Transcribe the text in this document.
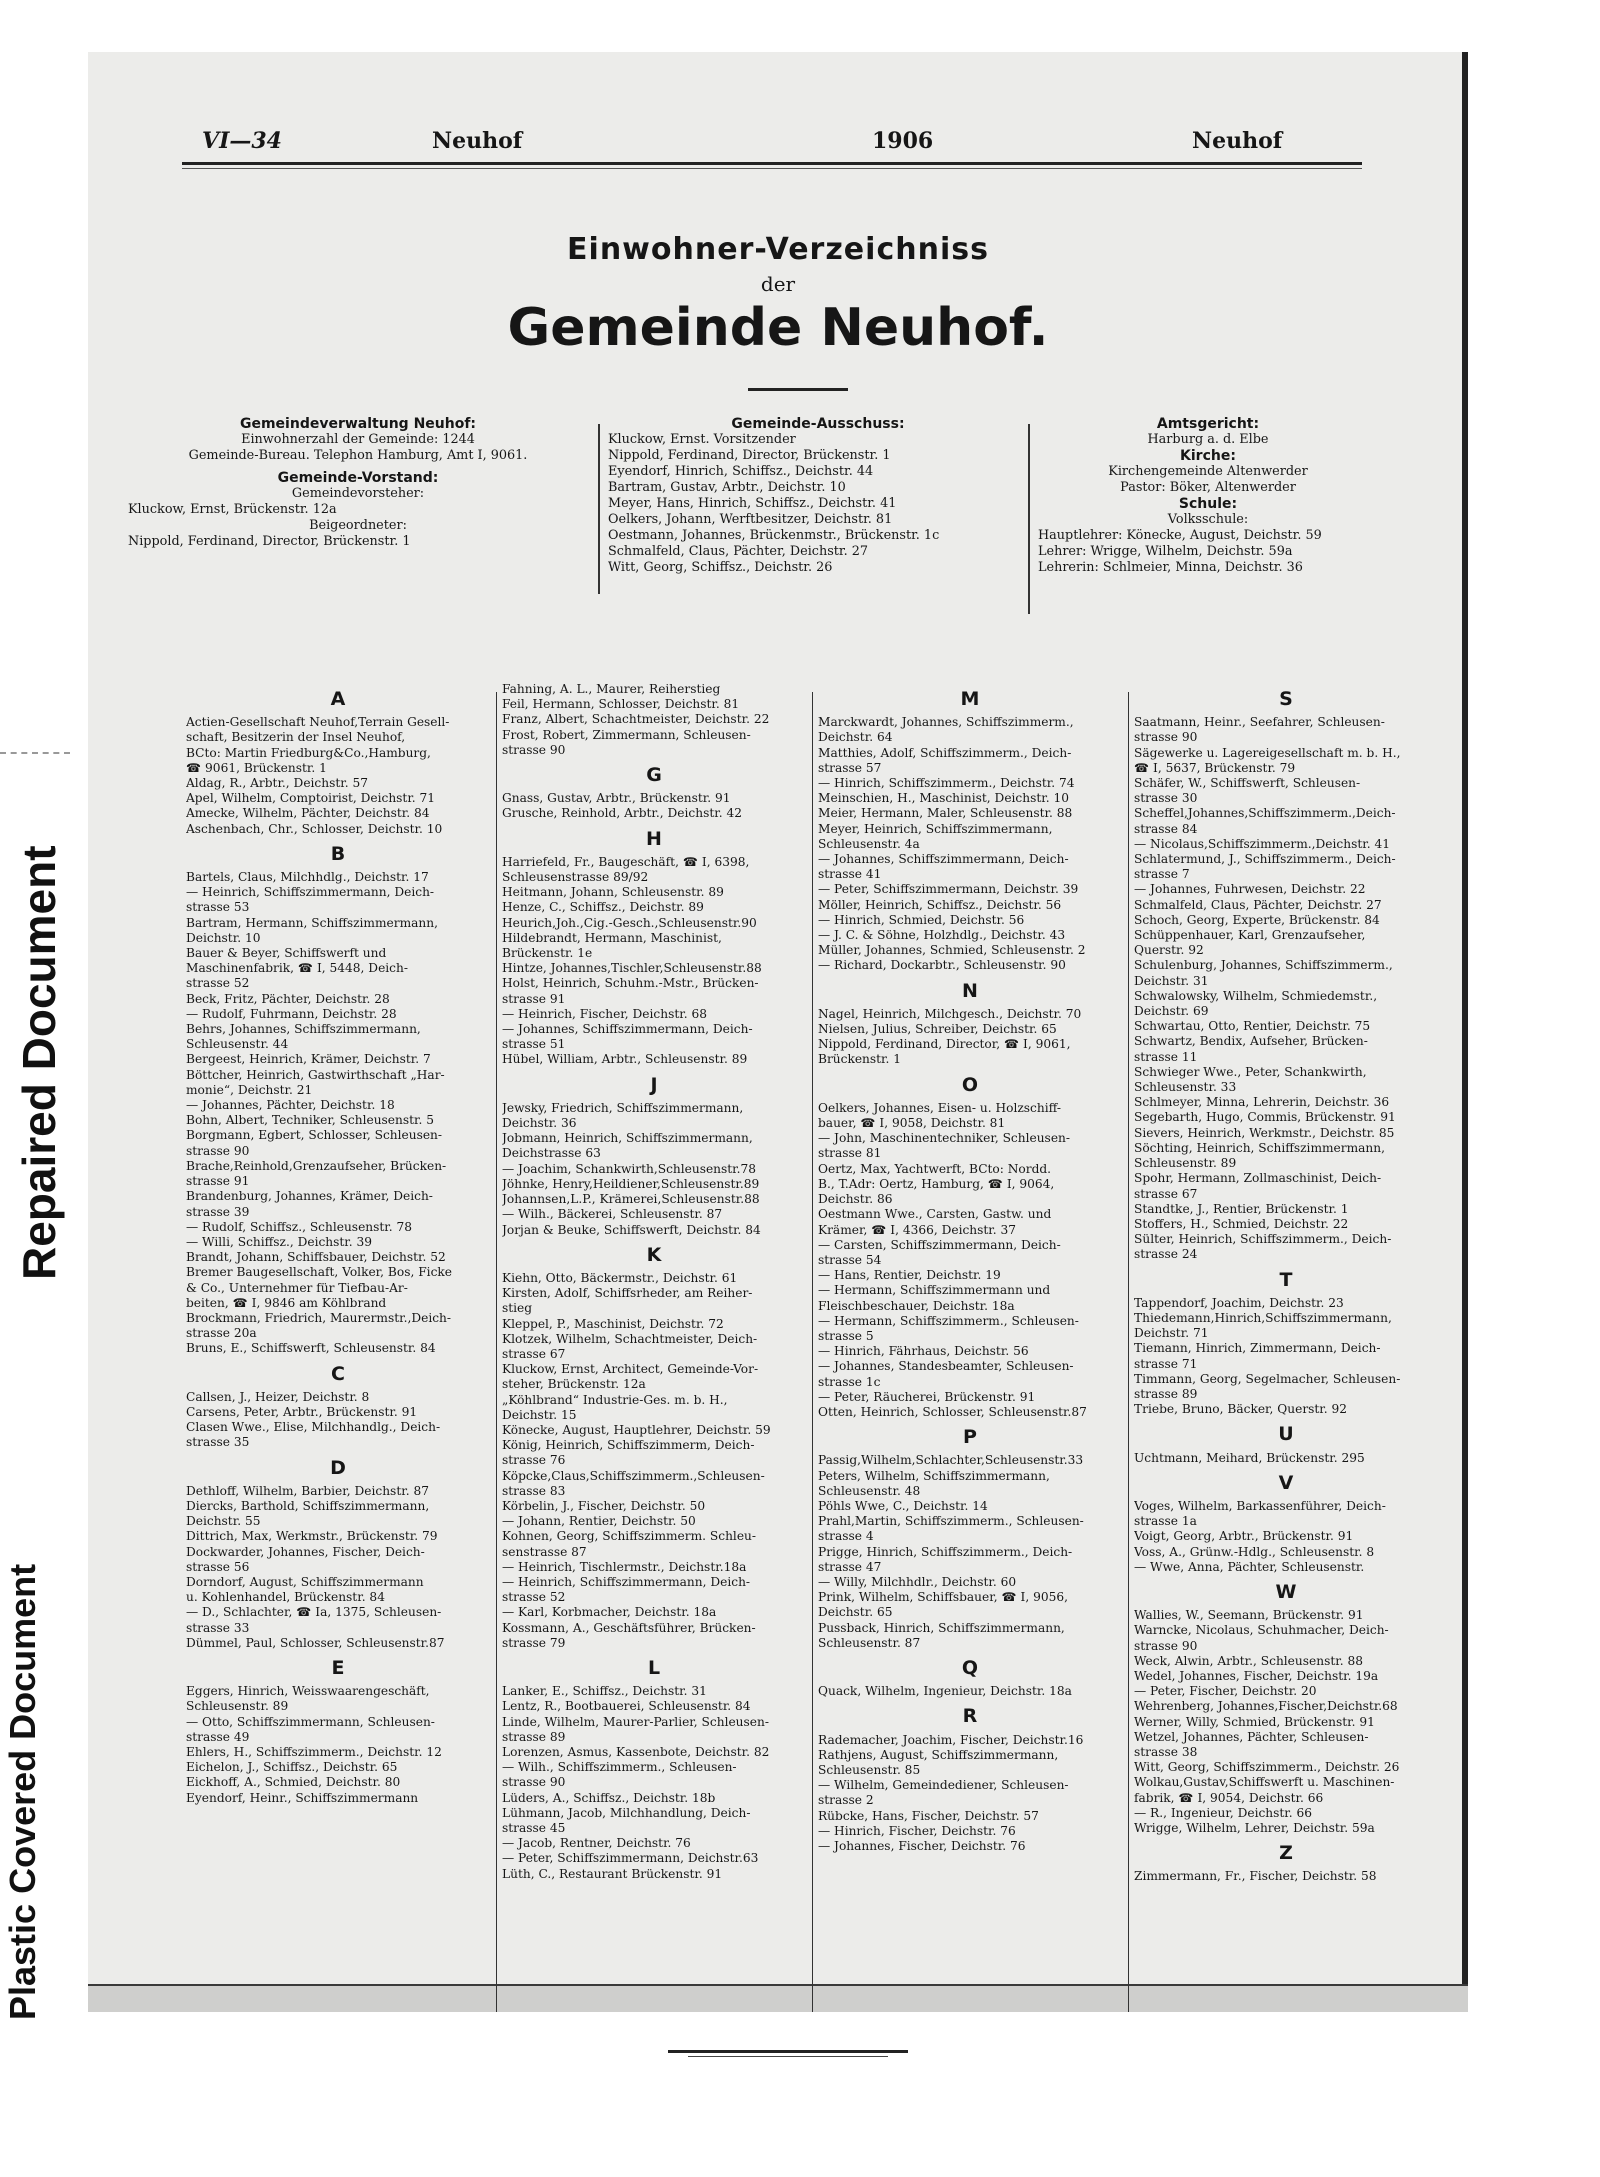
Repaired Document
Plastic Covered Document
VI—34	Neuhof	1906	Neuhof
Einwohner-Verzeichniss
der
Gemeinde Neuhof.
Gemeindeverwaltung Neuhof:
Einwohnerzahl der Gemeinde: 1244
Gemeinde-Bureau. Telephon Hamburg, Amt I, 9061.
Gemeinde-Vorstand:
Gemeindevorsteher:
Kluckow, Ernst, Brückenstr. 12a
Beigeordneter:
Nippold, Ferdinand, Director, Brückenstr. 1
Gemeinde-Ausschuss:
Kluckow, Ernst. Vorsitzender
Nippold, Ferdinand, Director, Brückenstr. 1
Eyendorf, Hinrich, Schiffsz., Deichstr. 44
Bartram, Gustav, Arbtr., Deichstr. 10
Meyer, Hans, Hinrich, Schiffsz., Deichstr. 41
Oelkers, Johann, Werftbesitzer, Deichstr. 81
Oestmann, Johannes, Brückenmstr., Brückenstr. 1c
Schmalfeld, Claus, Pächter, Deichstr. 27
Witt, Georg, Schiffsz., Deichstr. 26
Amtsgericht:
Harburg a. d. Elbe
Kirche:
Kirchengemeinde Altenwerder
Pastor: Böker, Altenwerder
Schule:
Volksschule:
Hauptlehrer: Könecke, August, Deichstr. 59
Lehrer: Wrigge, Wilhelm, Deichstr. 59a
Lehrerin: Schlmeier, Minna, Deichstr. 36
A
Actien-Gesellschaft Neuhof,Terrain Gesell-
schaft, Besitzerin der Insel Neuhof,
BCto: Martin Friedburg&Co.,Hamburg,
☎ 9061, Brückenstr. 1
Aldag, R., Arbtr., Deichstr. 57
Apel, Wilhelm, Comptoirist, Deichstr. 71
Amecke, Wilhelm, Pächter, Deichstr. 84
Aschenbach, Chr., Schlosser, Deichstr. 10
B
Bartels, Claus, Milchhdlg., Deichstr. 17
— Heinrich, Schiffszimmermann, Deich-
strasse 53
Bartram, Hermann, Schiffszimmermann,
Deichstr. 10
Bauer & Beyer, Schiffswerft und
Maschinenfabrik, ☎ I, 5448, Deich-
strasse 52
Beck, Fritz, Pächter, Deichstr. 28
— Rudolf, Fuhrmann, Deichstr. 28
Behrs, Johannes, Schiffszimmermann,
Schleusenstr. 44
Bergeest, Heinrich, Krämer, Deichstr. 7
Böttcher, Heinrich, Gastwirthschaft „Har-
monie“, Deichstr. 21
— Johannes, Pächter, Deichstr. 18
Bohn, Albert, Techniker, Schleusenstr. 5
Borgmann, Egbert, Schlosser, Schleusen-
strasse 90
Brache,Reinhold,Grenzaufseher, Brücken-
strasse 91
Brandenburg, Johannes, Krämer, Deich-
strasse 39
— Rudolf, Schiffsz., Schleusenstr. 78
— Willi, Schiffsz., Deichstr. 39
Brandt, Johann, Schiffsbauer, Deichstr. 52
Bremer Baugesellschaft, Volker, Bos, Ficke
& Co., Unternehmer für Tiefbau-Ar-
beiten, ☎ I, 9846 am Köhlbrand
Brockmann, Friedrich, Maurermstr.,Deich-
strasse 20a
Bruns, E., Schiffswerft, Schleusenstr. 84
C
Callsen, J., Heizer, Deichstr. 8
Carsens, Peter, Arbtr., Brückenstr. 91
Clasen Wwe., Elise, Milchhandlg., Deich-
strasse 35
D
Dethloff, Wilhelm, Barbier, Deichstr. 87
Diercks, Barthold, Schiffszimmermann,
Deichstr. 55
Dittrich, Max, Werkmstr., Brückenstr. 79
Dockwarder, Johannes, Fischer, Deich-
strasse 56
Dorndorf, August, Schiffszimmermann
u. Kohlenhandel, Brückenstr. 84
— D., Schlachter, ☎ Ia, 1375, Schleusen-
strasse 33
Dümmel, Paul, Schlosser, Schleusenstr.87
E
Eggers, Hinrich, Weisswaarengeschäft,
Schleusenstr. 89
— Otto, Schiffszimmermann, Schleusen-
strasse 49
Ehlers, H., Schiffszimmerm., Deichstr. 12
Eichelon, J., Schiffsz., Deichstr. 65
Eickhoff, A., Schmied, Deichstr. 80
Eyendorf, Heinr., Schiffszimmermann
Fahning, A. L., Maurer, Reiherstieg
Feil, Hermann, Schlosser, Deichstr. 81
Franz, Albert, Schachtmeister, Deichstr. 22
Frost, Robert, Zimmermann, Schleusen-
strasse 90
G
Gnass, Gustav, Arbtr., Brückenstr. 91
Grusche, Reinhold, Arbtr., Deichstr. 42
H
Harriefeld, Fr., Baugeschäft, ☎ I, 6398,
Schleusenstrasse 89/92
Heitmann, Johann, Schleusenstr. 89
Henze, C., Schiffsz., Deichstr. 89
Heurich,Joh.,Cig.-Gesch.,Schleusenstr.90
Hildebrandt, Hermann, Maschinist,
Brückenstr. 1e
Hintze, Johannes,Tischler,Schleusenstr.88
Holst, Heinrich, Schuhm.-Mstr., Brücken-
strasse 91
— Heinrich, Fischer, Deichstr. 68
— Johannes, Schiffszimmermann, Deich-
strasse 51
Hübel, William, Arbtr., Schleusenstr. 89
J
Jewsky, Friedrich, Schiffszimmermann,
Deichstr. 36
Jobmann, Heinrich, Schiffszimmermann,
Deichstrasse 63
— Joachim, Schankwirth,Schleusenstr.78
Jöhnke, Henry,Heildiener,Schleusenstr.89
Johannsen,L.P., Krämerei,Schleusenstr.88
— Wilh., Bäckerei, Schleusenstr. 87
Jorjan & Beuke, Schiffswerft, Deichstr. 84
K
Kiehn, Otto, Bäckermstr., Deichstr. 61
Kirsten, Adolf, Schiffsrheder, am Reiher-
stieg
Kleppel, P., Maschinist, Deichstr. 72
Klotzek, Wilhelm, Schachtmeister, Deich-
strasse 67
Kluckow, Ernst, Architect, Gemeinde-Vor-
steher, Brückenstr. 12a
„Köhlbrand“ Industrie-Ges. m. b. H.,
Deichstr. 15
Könecke, August, Hauptlehrer, Deichstr. 59
König, Heinrich, Schiffszimmerm, Deich-
strasse 76
Köpcke,Claus,Schiffszimmerm.,Schleusen-
strasse 83
Körbelin, J., Fischer, Deichstr. 50
— Johann, Rentier, Deichstr. 50
Kohnen, Georg, Schiffszimmerm. Schleu-
senstrasse 87
— Heinrich, Tischlermstr., Deichstr.18a
— Heinrich, Schiffszimmermann, Deich-
strasse 52
— Karl, Korbmacher, Deichstr. 18a
Kossmann, A., Geschäftsführer, Brücken-
strasse 79
L
Lanker, E., Schiffsz., Deichstr. 31
Lentz, R., Bootbauerei, Schleusenstr. 84
Linde, Wilhelm, Maurer-Parlier, Schleusen-
strasse 89
Lorenzen, Asmus, Kassenbote, Deichstr. 82
— Wilh., Schiffszimmerm., Schleusen-
strasse 90
Lüders, A., Schiffsz., Deichstr. 18b
Lühmann, Jacob, Milchhandlung, Deich-
strasse 45
— Jacob, Rentner, Deichstr. 76
— Peter, Schiffszimmermann, Deichstr.63
Lüth, C., Restaurant Brückenstr. 91
M
Marckwardt, Johannes, Schiffszimmerm.,
Deichstr. 64
Matthies, Adolf, Schiffszimmerm., Deich-
strasse 57
— Hinrich, Schiffszimmerm., Deichstr. 74
Meinschien, H., Maschinist, Deichstr. 10
Meier, Hermann, Maler, Schleusenstr. 88
Meyer, Heinrich, Schiffszimmermann,
Schleusenstr. 4a
— Johannes, Schiffszimmermann, Deich-
strasse 41
— Peter, Schiffszimmermann, Deichstr. 39
Möller, Heinrich, Schiffsz., Deichstr. 56
— Hinrich, Schmied, Deichstr. 56
— J. C. & Söhne, Holzhdlg., Deichstr. 43
Müller, Johannes, Schmied, Schleusenstr. 2
— Richard, Dockarbtr., Schleusenstr. 90
N
Nagel, Heinrich, Milchgesch., Deichstr. 70
Nielsen, Julius, Schreiber, Deichstr. 65
Nippold, Ferdinand, Director, ☎ I, 9061,
Brückenstr. 1
O
Oelkers, Johannes, Eisen- u. Holzschiff-
bauer, ☎ I, 9058, Deichstr. 81
— John, Maschinentechniker, Schleusen-
strasse 81
Oertz, Max, Yachtwerft, BCto: Nordd.
B., T.Adr: Oertz, Hamburg, ☎ I, 9064,
Deichstr. 86
Oestmann Wwe., Carsten, Gastw. und
Krämer, ☎ I, 4366, Deichstr. 37
— Carsten, Schiffszimmermann, Deich-
strasse 54
— Hans, Rentier, Deichstr. 19
— Hermann, Schiffszimmermann und
Fleischbeschauer, Deichstr. 18a
— Hermann, Schiffszimmerm., Schleusen-
strasse 5
— Hinrich, Fährhaus, Deichstr. 56
— Johannes, Standesbeamter, Schleusen-
strasse 1c
— Peter, Räucherei, Brückenstr. 91
Otten, Heinrich, Schlosser, Schleusenstr.87
P
Passig,Wilhelm,Schlachter,Schleusenstr.33
Peters, Wilhelm, Schiffszimmermann,
Schleusenstr. 48
Pöhls Wwe, C., Deichstr. 14
Prahl,Martin, Schiffszimmerm., Schleusen-
strasse 4
Prigge, Hinrich, Schiffszimmerm., Deich-
strasse 47
— Willy, Milchhdlr., Deichstr. 60
Prink, Wilhelm, Schiffsbauer, ☎ I, 9056,
Deichstr. 65
Pussback, Hinrich, Schiffszimmermann,
Schleusenstr. 87
Q
Quack, Wilhelm, Ingenieur, Deichstr. 18a
R
Rademacher, Joachim, Fischer, Deichstr.16
Rathjens, August, Schiffszimmermann,
Schleusenstr. 85
— Wilhelm, Gemeindediener, Schleusen-
strasse 2
Rübcke, Hans, Fischer, Deichstr. 57
— Hinrich, Fischer, Deichstr. 76
— Johannes, Fischer, Deichstr. 76
S
Saatmann, Heinr., Seefahrer, Schleusen-
strasse 90
Sägewerke u. Lagereigesellschaft m. b. H.,
☎ I, 5637, Brückenstr. 79
Schäfer, W., Schiffswerft, Schleusen-
strasse 30
Scheffel,Johannes,Schiffszimmerm.,Deich-
strasse 84
— Nicolaus,Schiffszimmerm.,Deichstr. 41
Schlatermund, J., Schiffszimmerm., Deich-
strasse 7
— Johannes, Fuhrwesen, Deichstr. 22
Schmalfeld, Claus, Pächter, Deichstr. 27
Schoch, Georg, Experte, Brückenstr. 84
Schüppenhauer, Karl, Grenzaufseher,
Querstr. 92
Schulenburg, Johannes, Schiffszimmerm.,
Deichstr. 31
Schwalowsky, Wilhelm, Schmiedemstr.,
Deichstr. 69
Schwartau, Otto, Rentier, Deichstr. 75
Schwartz, Bendix, Aufseher, Brücken-
strasse 11
Schwieger Wwe., Peter, Schankwirth,
Schleusenstr. 33
Schlmeyer, Minna, Lehrerin, Deichstr. 36
Segebarth, Hugo, Commis, Brückenstr. 91
Sievers, Heinrich, Werkmstr., Deichstr. 85
Söchting, Heinrich, Schiffszimmermann,
Schleusenstr. 89
Spohr, Hermann, Zollmaschinist, Deich-
strasse 67
Standtke, J., Rentier, Brückenstr. 1
Stoffers, H., Schmied, Deichstr. 22
Sülter, Heinrich, Schiffszimmerm., Deich-
strasse 24
T
Tappendorf, Joachim, Deichstr. 23
Thiedemann,Hinrich,Schiffszimmermann,
Deichstr. 71
Tiemann, Hinrich, Zimmermann, Deich-
strasse 71
Timmann, Georg, Segelmacher, Schleusen-
strasse 89
Triebe, Bruno, Bäcker, Querstr. 92
U
Uchtmann, Meihard, Brückenstr. 295
V
Voges, Wilhelm, Barkassenführer, Deich-
strasse 1a
Voigt, Georg, Arbtr., Brückenstr. 91
Voss, A., Grünw.-Hdlg., Schleusenstr. 8
— Wwe, Anna, Pächter, Schleusenstr.
W
Wallies, W., Seemann, Brückenstr. 91
Warncke, Nicolaus, Schuhmacher, Deich-
strasse 90
Weck, Alwin, Arbtr., Schleusenstr. 88
Wedel, Johannes, Fischer, Deichstr. 19a
— Peter, Fischer, Deichstr. 20
Wehrenberg, Johannes,Fischer,Deichstr.68
Werner, Willy, Schmied, Brückenstr. 91
Wetzel, Johannes, Pächter, Schleusen-
strasse 38
Witt, Georg, Schiffszimmerm., Deichstr. 26
Wolkau,Gustav,Schiffswerft u. Maschinen-
fabrik, ☎ I, 9054, Deichstr. 66
— R., Ingenieur, Deichstr. 66
Wrigge, Wilhelm, Lehrer, Deichstr. 59a
Z
Zimmermann, Fr., Fischer, Deichstr. 58
